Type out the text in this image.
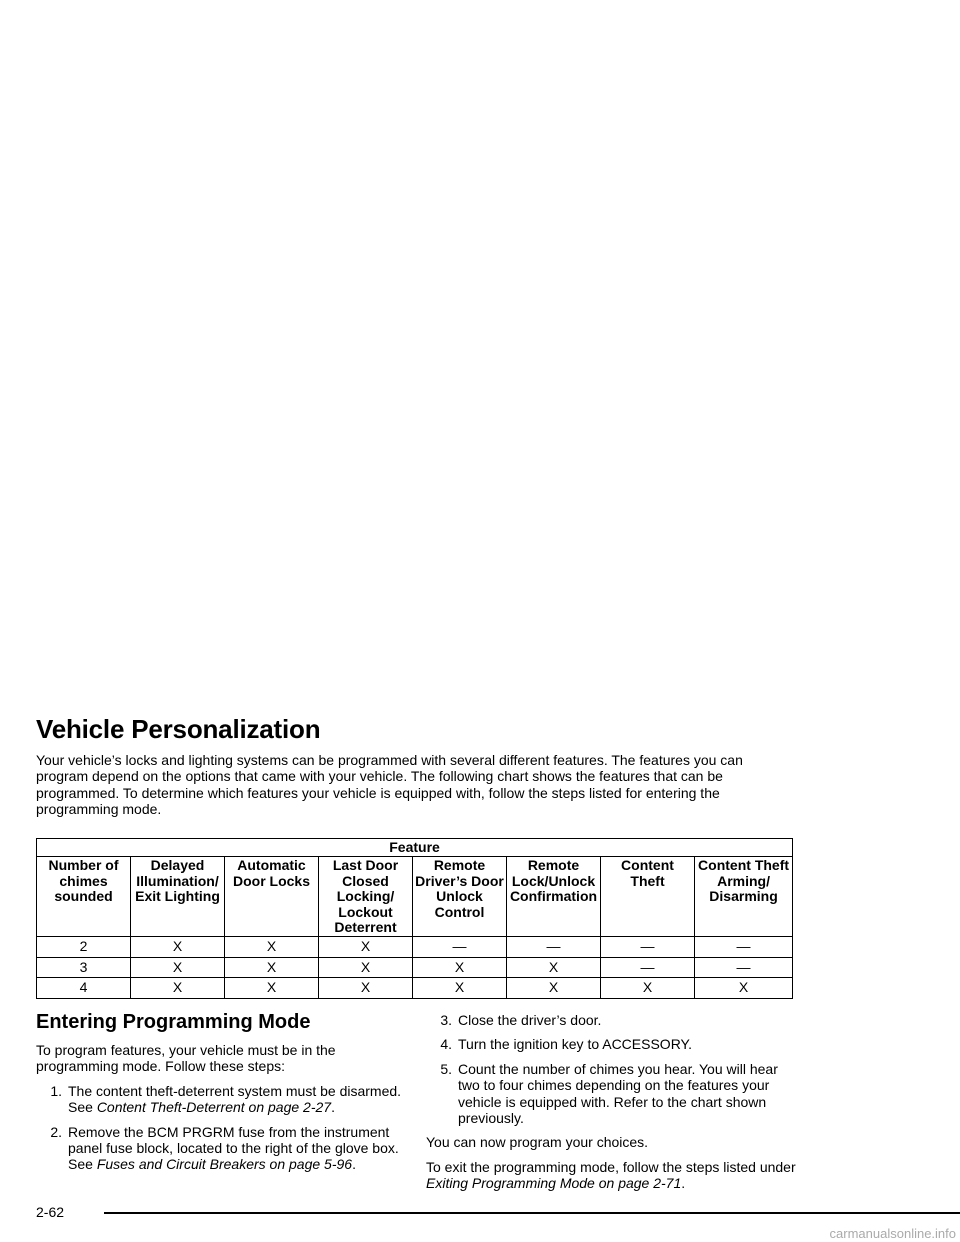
Vehicle Personalization

Your vehicle’s locks and lighting systems can be programmed with several different features. The features you can program depend on the options that came with your vehicle. The following chart shows the features that can be programmed. To determine which features your vehicle is equipped with, follow the steps listed for entering the programming mode.

Feature							
Number of chimes sounded	Delayed Illumination/ Exit Lighting	Automatic Door Locks	Last Door Closed Locking/ Lockout Deterrent	Remote Driver’s Door Unlock Control	Remote Lock/Unlock Confirmation	Content Theft	Content Theft Arming/ Disarming
2	X	X	X	—	—	—	—
3	X	X	X	X	X	—	—
4	X	X	X	X	X	X	X
Entering Programming Mode

To program features, your vehicle must be in the programming mode. Follow these steps:

1. The content theft-deterrent system must be disarmed. See Content Theft-Deterrent on page 2-27.
2. Remove the BCM PRGRM fuse from the instrument panel fuse block, located to the right of the glove box. See Fuses and Circuit Breakers on page 5-96.
3. Close the driver’s door.
4. Turn the ignition key to ACCESSORY.
5. Count the number of chimes you hear. You will hear two to four chimes depending on the features your vehicle is equipped with. Refer to the chart shown previously.

You can now program your choices.

To exit the programming mode, follow the steps listed under Exiting Programming Mode on page 2-71.

2-62
carmanualsonline.info
